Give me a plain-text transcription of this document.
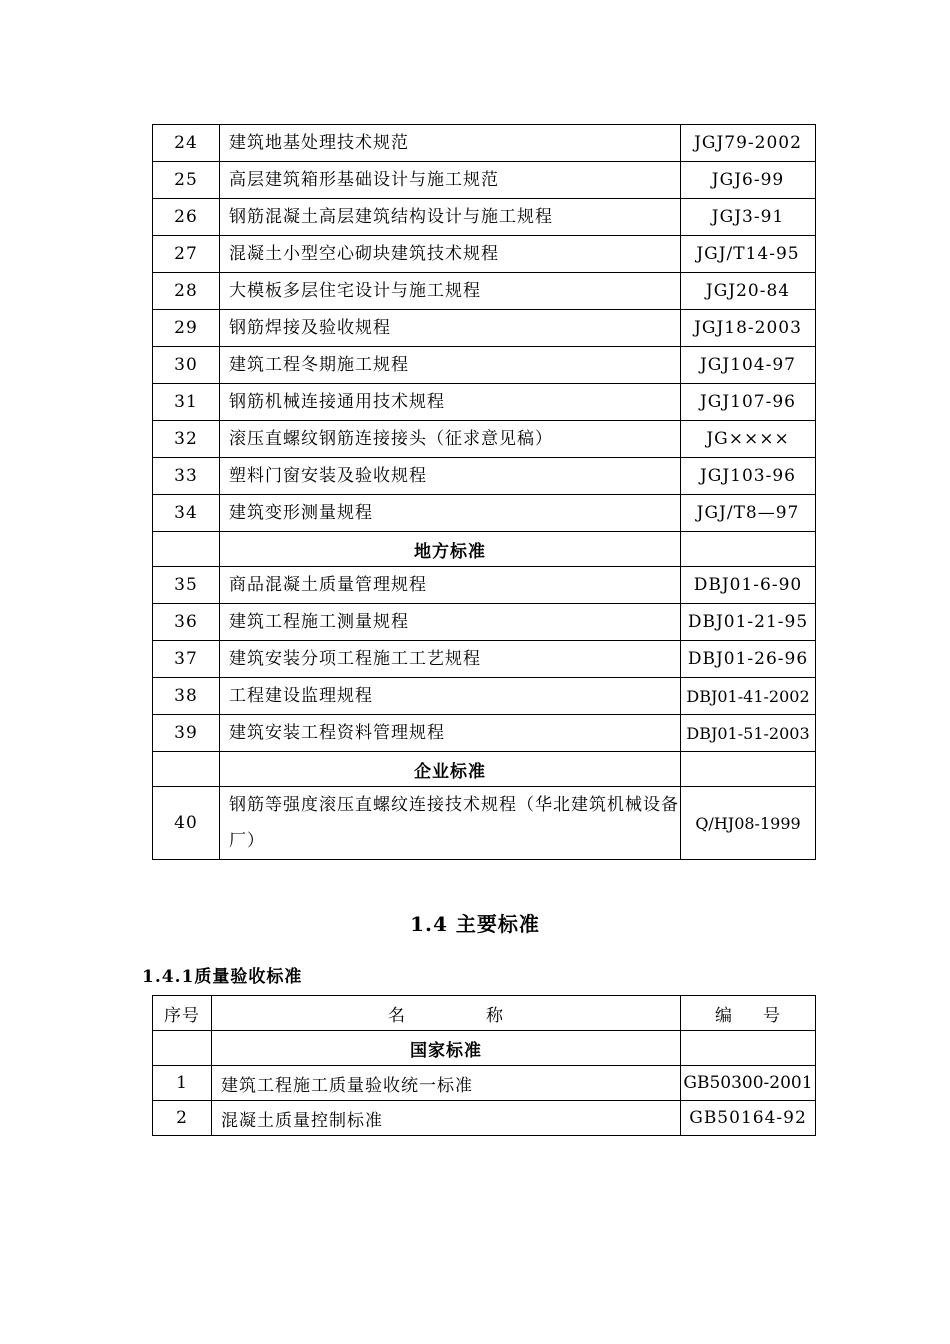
24	建筑地基处理技术规范	JGJ79-2002
25	高层建筑箱形基础设计与施工规范	JGJ6-99
26	钢筋混凝土高层建筑结构设计与施工规程	JGJ3-91
27	混凝土小型空心砌块建筑技术规程	JGJ/T14-95
28	大模板多层住宅设计与施工规程	JGJ20-84
29	钢筋焊接及验收规程	JGJ18-2003
30	建筑工程冬期施工规程	JGJ104-97
31	钢筋机械连接通用技术规程	JGJ107-96
32	滚压直螺纹钢筋连接接头（征求意见稿）	JG××××
33	塑料门窗安装及验收规程	JGJ103-96
34	建筑变形测量规程	JGJ/T8—97
	地方标准	
35	商品混凝土质量管理规程	DBJ01-6-90
36	建筑工程施工测量规程	DBJ01-21-95
37	建筑安装分项工程施工工艺规程	DBJ01-26-96
38	工程建设监理规程	DBJ01-41-2002
39	建筑安装工程资料管理规程	DBJ01-51-2003
	企业标准	
40	钢筋等强度滚压直螺纹连接技术规程（华北建筑机械设备厂）	Q/HJ08-1999
1.4 主要标准
1.4.1质量验收标准
序号	名 称	编 号
	国家标准	
1	建筑工程施工质量验收统一标准	GB50300-2001
2	混凝土质量控制标准	GB50164-92
